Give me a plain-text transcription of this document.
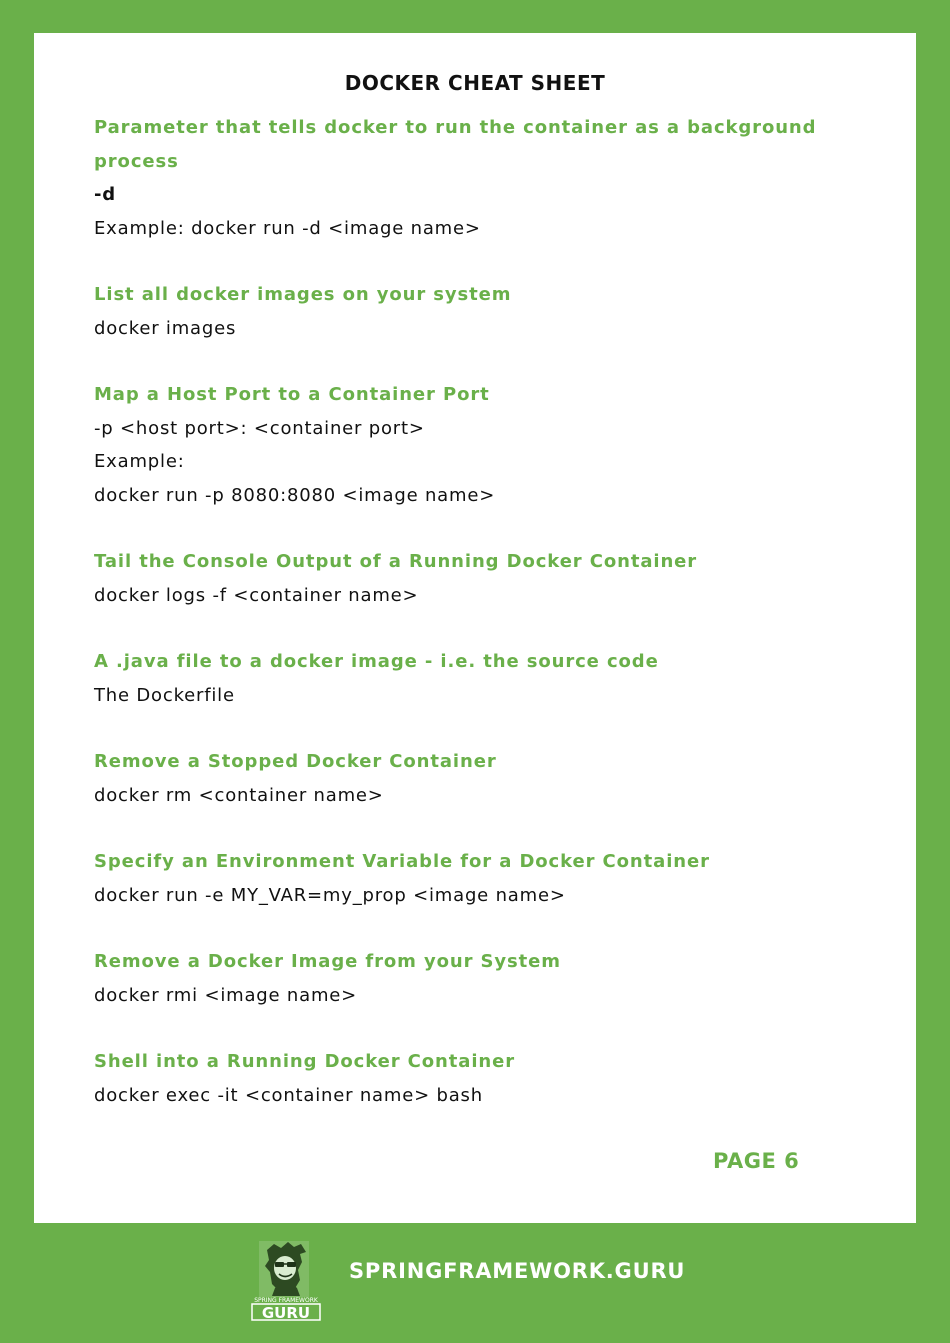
DOCKER CHEAT SHEET

Parameter that tells docker to run the container as a background process

-d

Example: docker run -d <image name>

List all docker images on your system

docker images

Map a Host Port to a Container Port

-p <host port>: <container port>

Example:

docker run -p 8080:8080 <image name>

Tail the Console Output of a Running Docker Container

docker logs -f <container name>

A .java file to a docker image - i.e. the source code

The Dockerfile

Remove a Stopped Docker Container

docker rm <container name>

Specify an Environment Variable for a Docker Container

docker run -e MY_VAR=my_prop <image name>

Remove a Docker Image from your System

docker rmi <image name>

Shell into a Running Docker Container

docker exec -it <container name> bash

PAGE 6
SPRING FRAMEWORK
GURU
SPRINGFRAMEWORK.GURU
